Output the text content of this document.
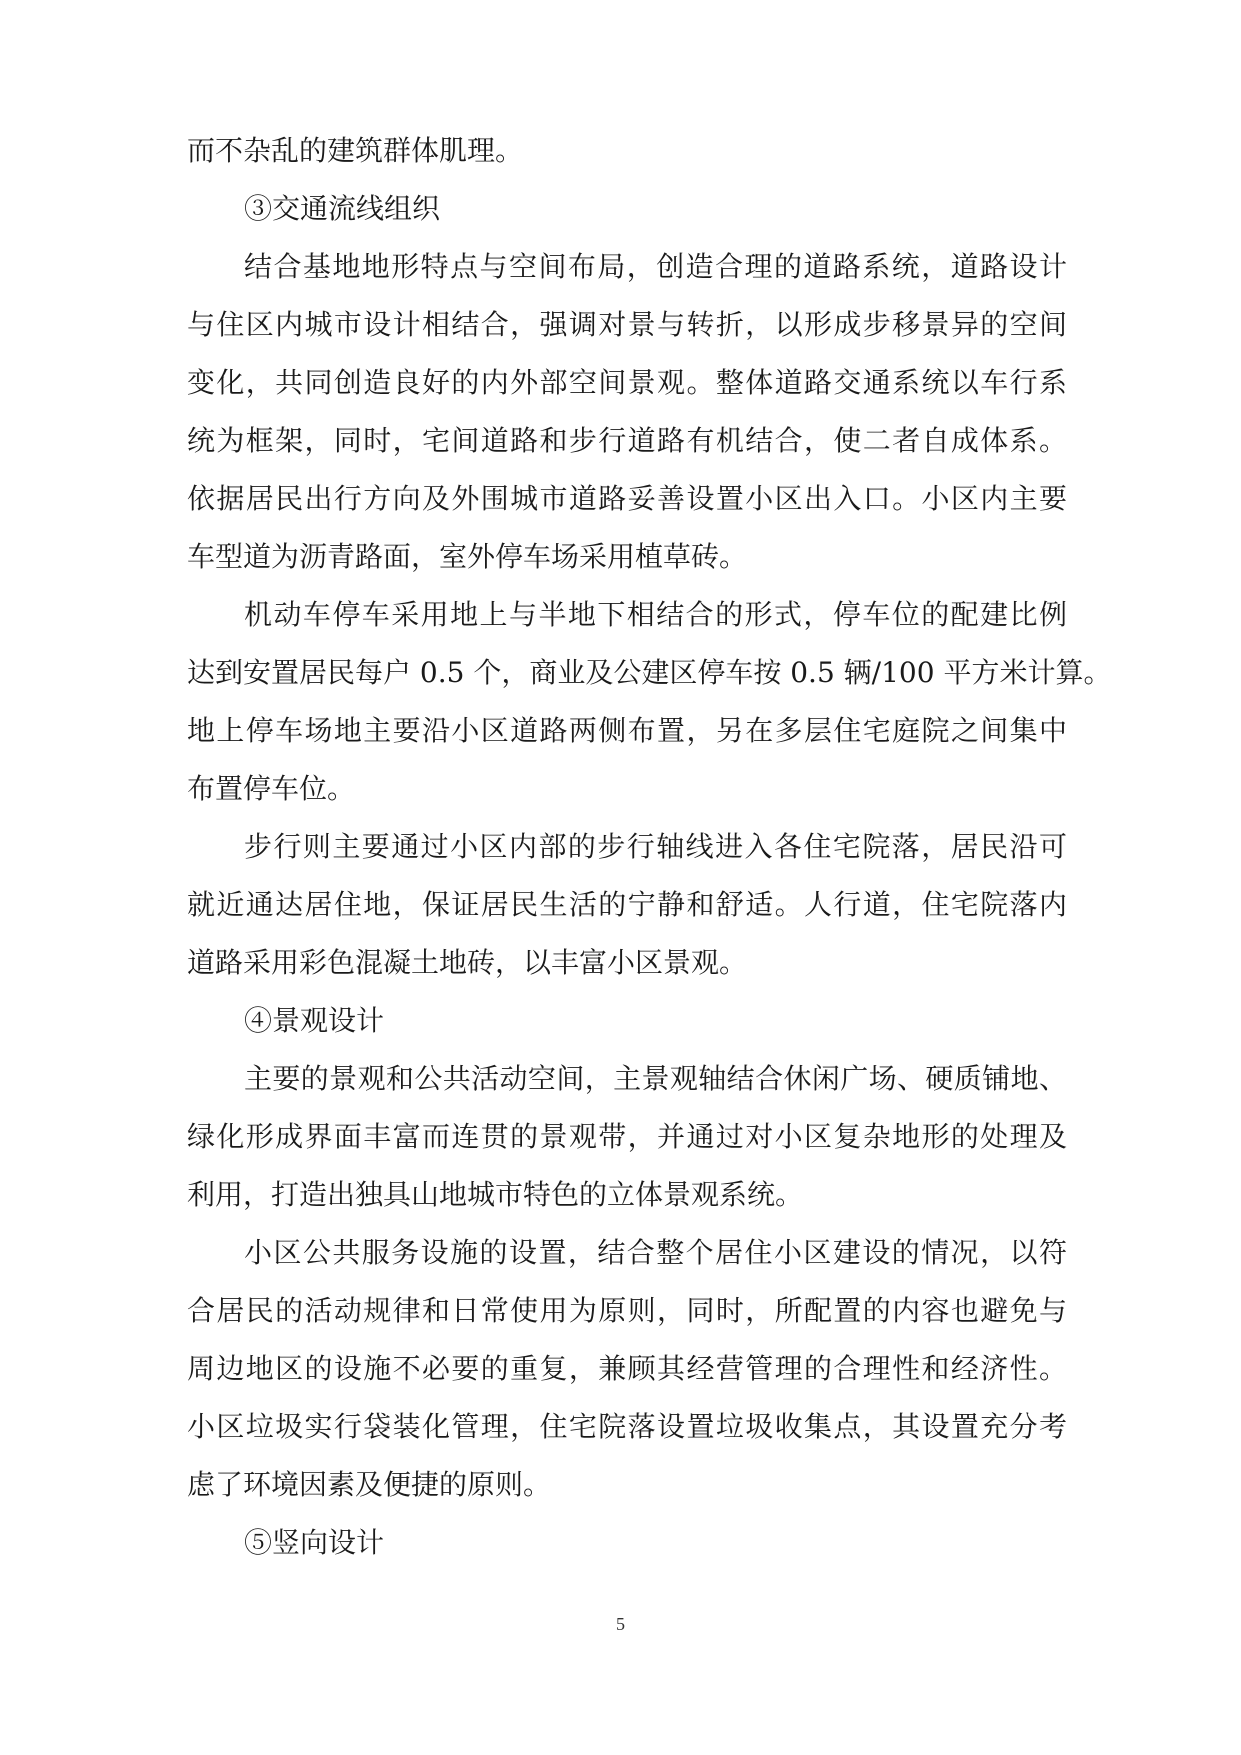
而不杂乱的建筑群体肌理。
③交通流线组织
结合基地地形特点与空间布局，创造合理的道路系统，道路设计
与住区内城市设计相结合，强调对景与转折，以形成步移景异的空间
变化，共同创造良好的内外部空间景观。整体道路交通系统以车行系
统为框架，同时，宅间道路和步行道路有机结合，使二者自成体系。
依据居民出行方向及外围城市道路妥善设置小区出入口。小区内主要
车型道为沥青路面，室外停车场采用植草砖。
机动车停车采用地上与半地下相结合的形式，停车位的配建比例
达到安置居民每户 0.5 个，商业及公建区停车按 0.5 辆/100 平方米计算。
地上停车场地主要沿小区道路两侧布置，另在多层住宅庭院之间集中
布置停车位。
步行则主要通过小区内部的步行轴线进入各住宅院落，居民沿可
就近通达居住地，保证居民生活的宁静和舒适。人行道，住宅院落内
道路采用彩色混凝土地砖，以丰富小区景观。
④景观设计
主要的景观和公共活动空间，主景观轴结合休闲广场、硬质铺地、
绿化形成界面丰富而连贯的景观带，并通过对小区复杂地形的处理及
利用，打造出独具山地城市特色的立体景观系统。
小区公共服务设施的设置，结合整个居住小区建设的情况，以符
合居民的活动规律和日常使用为原则，同时，所配置的内容也避免与
周边地区的设施不必要的重复，兼顾其经营管理的合理性和经济性。
小区垃圾实行袋装化管理，住宅院落设置垃圾收集点，其设置充分考
虑了环境因素及便捷的原则。
⑤竖向设计
5
